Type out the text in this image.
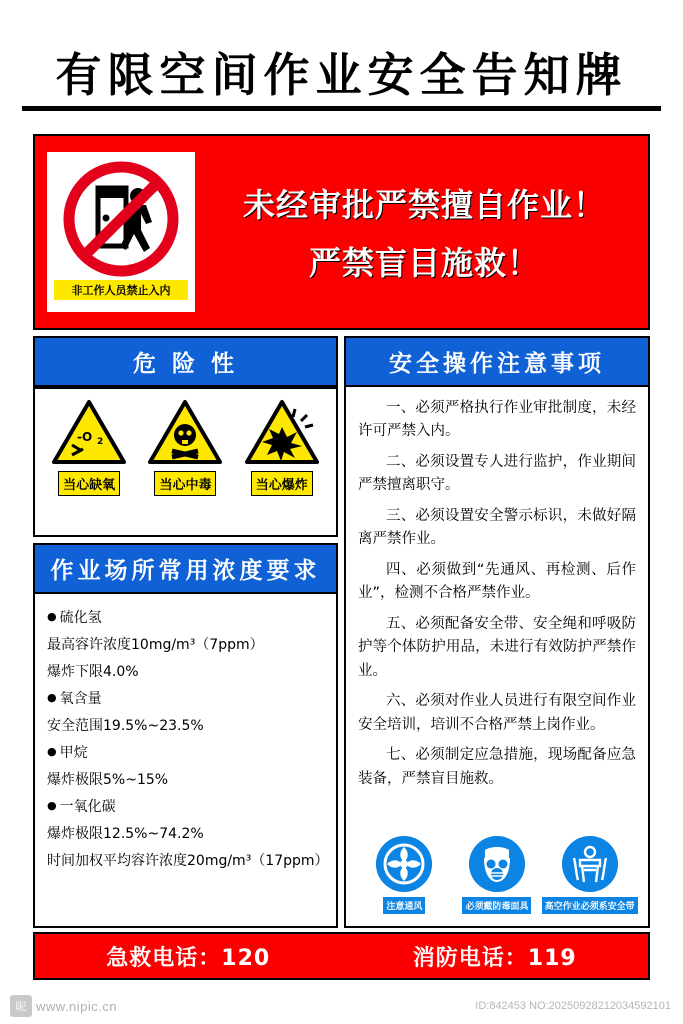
有限空间作业安全告知牌
非工作人员禁止入内
未经审批严禁擅自作业！
严禁盲目施救！
危 险 性
-O 2
当心缺氧	当心中毒	当心爆炸
作业场所常用浓度要求
● 硫化氢
最高容许浓度10mg/m³（7ppm）
爆炸下限4.0%
● 氧含量
安全范围19.5%~23.5%
● 甲烷
爆炸极限5%~15%
● 一氧化碳
爆炸极限12.5%~74.2%
时间加权平均容许浓度20mg/m³（17ppm）
安全操作注意事项
一、必须严格执行作业审批制度，未经许可严禁入内。
二、必须设置专人进行监护，作业期间严禁擅离职守。
三、必须设置安全警示标识，未做好隔离严禁作业。
四、必须做到“先通风、再检测、后作业”，检测不合格严禁作业。
五、必须配备安全带、安全绳和呼吸防护等个体防护用品，未进行有效防护严禁作业。
六、必须对作业人员进行有限空间作业安全培训，培训不合格严禁上岗作业。
七、必须制定应急措施，现场配备应急装备，严禁盲目施救。
注意通风	必须戴防毒面具	高空作业必须系安全带
急救电话：120	消防电话：119
昵 www.nipic.cn	ID:842453 NO:20250928212034592101
